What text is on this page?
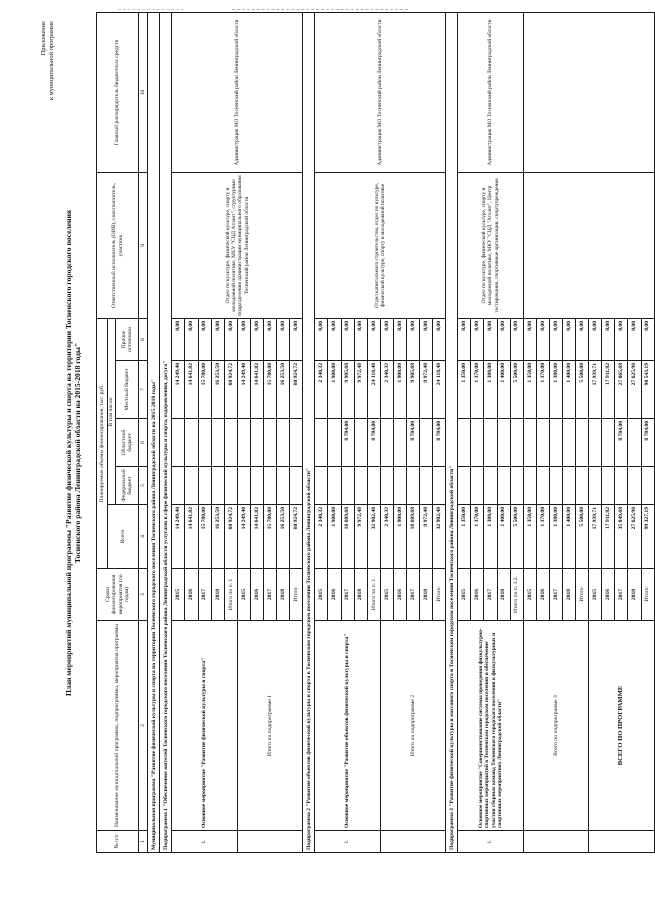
Приложение к муниципальной программе
План мероприятий муниципальной программы "Развитие физической культуры и спорта на территории Тосненского городского поселения Тосненского района Ленинградской области на 2015-2018 годы"
№ п/п	Наименование муниципальной программы, подпрограммы, мероприятия программы	Сроки финансирования мероприятия (по годам)	Планируемые объемы финансирования, тыс. руб.					Ответственный исполнитель (ОИВ), соисполнитель, участник	Главный распорядитель бюджетных средств
			Всего	В том числе:					
				Федеральный бюджет	Областной бюджет	Местный бюджет	Прочие источники		
1	2	3	4	5	6	7	8	9	10
Муниципальная программа "Развитие физической культуры и спорта на территории Тосненского городского поселения Тосненского района Ленинградской области на 2015-2018 годы"									
Подпрограмма 1 "Обеспечение жителей Тосненского городского поселения Тосненского района Ленинградской области услугами в сфере физической культуры и спорта, оздоровления, досуга"									
1.	Основное мероприятие "Развитие физической культуры и спорта"	2015	14 249,40			14 249,40	0,00	Отдел по культуре, физической культуре, спорту и молодежной политике, МКУ "СЦД Атлант", структурные подразделения администрации муниципального образования Тосненский район Ленинградской области	Администрация МО Тосненский район Ленинградской области
		2016	14 641,82			14 641,82	0,00		
		2017	15 780,00			15 780,00	0,00		
		2018	16 253,50			16 253,50	0,00		
		Итого по п. 1	60 924,72			60 924,72	0,00		
	Итого по подпрограмме 1	2015	14 249,40			14 249,40	0,00		
		2016	14 641,82			14 641,82	0,00		
		2017	15 780,00			15 780,00	0,00		
		2018	16 253,50			16 253,50	0,00		
		Итого	60 924,72			60 924,72	0,00		
Подпрограмма 2 "Развитие объектов физической культуры и спорта в Тосненском городском поселении Тосненского района Ленинградской области"									
1.	Основное мероприятие "Развитие объектов физической культуры и спорта"	2015	2 340,32			2 340,32	0,00	Отдел капитального строительства, отдел по культуре, физической культуре, спорту и молодежной политике	Администрация МО Тосненский район Ленинградской области
		2016	1 900,00			1 900,00	0,00		
		2017	18 689,68		8 784,00	9 905,68	0,00		
		2018	9 972,48			9 972,48	0,00		
		Итого по п. 1	32 902,48		8 784,00	24 118,48	0,00		
	Итого по подпрограмме 2	2015	2 340,32			2 340,32	0,00		
		2016	1 900,00			1 900,00	0,00		
		2017	18 689,68		8 784,00	9 905,68	0,00		
		2018	9 972,48			9 972,48	0,00		
		Итого	32 902,48		8 784,00	24 118,48	0,00		
Подпрограмма 3 "Развитие физической культуры и массового спорта в Тосненском городском поселении Тосненского района Ленинградской области"									
1.	Основное мероприятие "Совершенствование системы проведения физкультурно-спортивных мероприятий в Тосненском городском поселении и обеспечение участия сборных команд Тосненского городского поселения в физкультурных и спортивных мероприятиях Ленинградской области"	2015	1 350,00			1 350,00	0,00	Отдел по культуре, физической культуре, спорту и молодежной политике, МКУ "СЦД "Атлант", Центр тестирования, спортивные организации, спортучреждения	Администрация МО Тосненский район Ленинградской области
		2016	1 370,00			1 370,00	0,00		
		2017	1 380,00			1 380,00	0,00		
		2018	1 400,00			1 400,00	0,00		
		Итого по п. 1.2.	5 500,00			5 500,00	0,00		
	Всего по подпрограмме 3	2015	1 350,00			1 350,00	0,00		
		2016	1 370,00			1 370,00	0,00		
		2017	1 380,00			1 380,00	0,00		
		2018	1 400,00			1 400,00	0,00		
		Итого	5 500,00			5 500,00	0,00		
	ВСЕГО ПО ПРОГРАММЕ	2015	17 939,71			17 939,71	0,00		
		2016	17 911,82			17 911,82	0,00		
		2017	35 849,68		8 784,00	27 065,68	0,00		
		2018	27 625,98			27 625,98	0,00		
		Итого	99 327,19		8 784,00	90 543,19	0,00		
